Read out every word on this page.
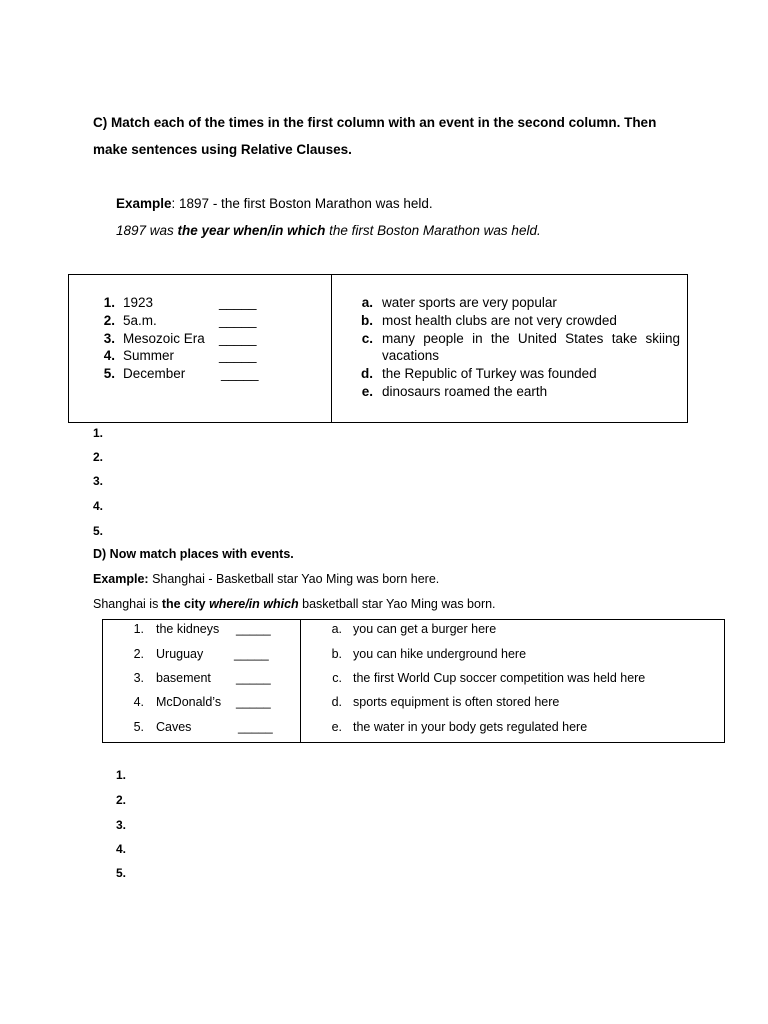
C) Match each of the times in the first column with an event in the second column. Then
make sentences using Relative Clauses.
Example: 1897 - the first Boston Marathon was held.
1897 was the year when/in which the first Boston Marathon was held.
1. 1923	_____
2. 5a.m.	_____
3. Mesozoic Era _____
4. Summer	_____
5. December	_____
a. water sports are very popular
b. most health clubs are not very crowded
c. many people in the United States take skiing
vacations
d. the Republic of Turkey was founded
e. dinosaurs roamed the earth
1.
2.
3.
4.
5.
D) Now match places with events.
Example: Shanghai - Basketball star Yao Ming was born here.
Shanghai is the city where/in which basketball star Yao Ming was born.
1. the kidneys _____
2. Uruguay _____
3. basement _____
4. McDonald’s _____
5. Caves	_____
a. you can get a burger here
b. you can hike underground here
c. the first World Cup soccer competition was held here
d. sports equipment is often stored here
e. the water in your body gets regulated here
1.
2.
3.
4.
5.
